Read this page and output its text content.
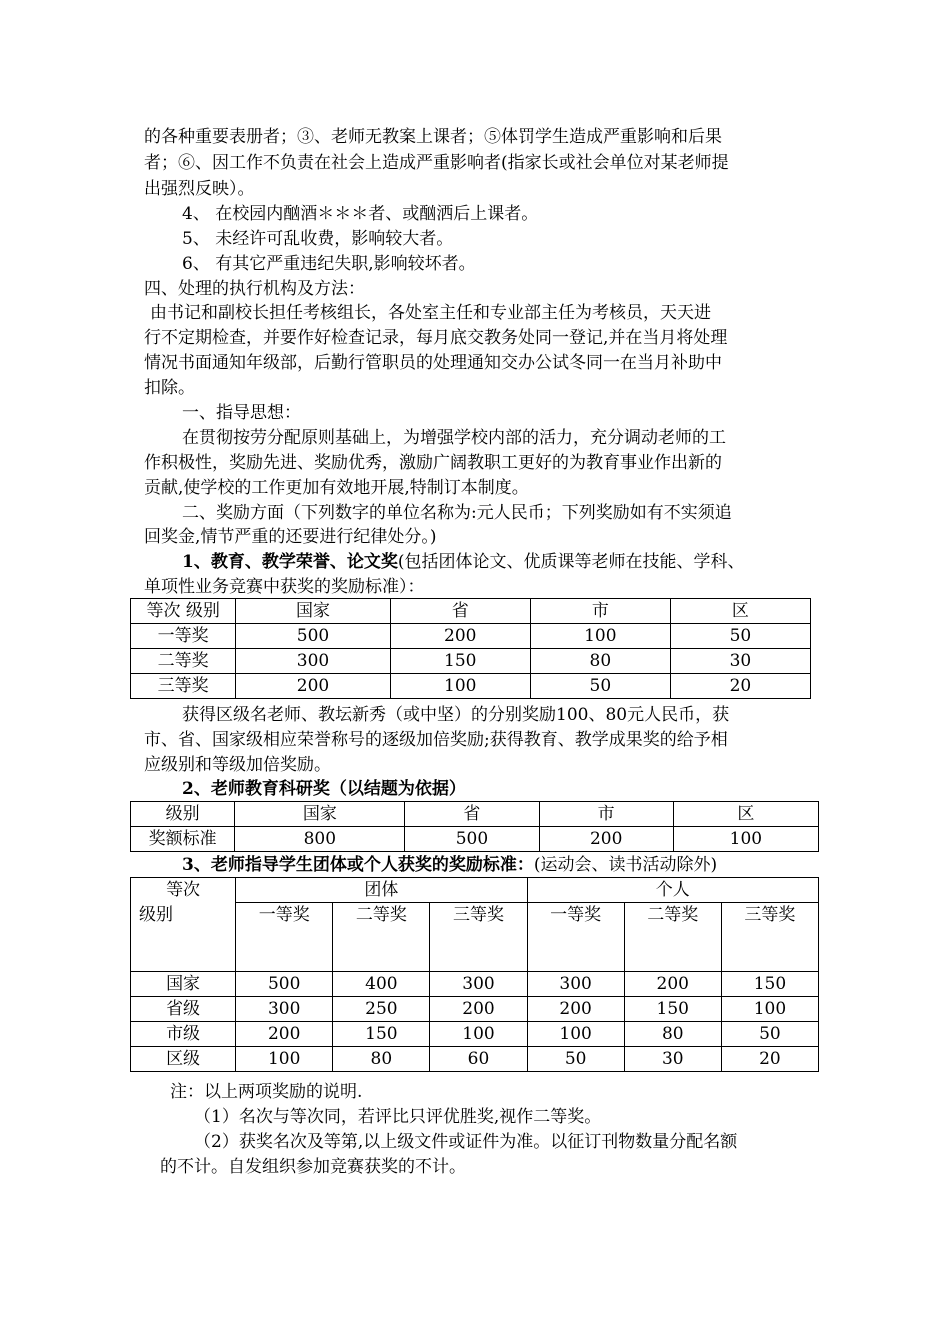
的各种重要表册者；③、老师无教案上课者；⑤体罚学生造成严重影响和后果
者；⑥、因工作不负责在社会上造成严重影响者(指家长或社会单位对某老师提
出强烈反映）。
4、 在校园内酗酒＊＊＊者、或酗洒后上课者。
5、 未经许可乱收费，影响较大者。
6、 有其它严重违纪失职,影响较坏者。
四、处理的执行机构及方法：
由书记和副校长担任考核组长，各处室主任和专业部主任为考核员，天天进
行不定期检查，并要作好检查记录，每月底交教务处同一登记,并在当月将处理
情况书面通知年级部，后勤行管职员的处理通知交办公试冬同一在当月补助中
扣除。
一、指导思想：
在贯彻按劳分配原则基础上，为增强学校内部的活力，充分调动老师的工
作积极性，奖励先进、奖励优秀，激励广阔教职工更好的为教育事业作出新的
贡献,使学校的工作更加有效地开展,特制订本制度。
二、奖励方面（下列数字的单位名称为:元人民币；下列奖励如有不实须追
回奖金,情节严重的还要进行纪律处分。)
1、教育、教学荣誉、论文奖(包括团体论文、优质课等老师在技能、学科、
单项性业务竞赛中获奖的奖励标准）：
等次 级别	国家	省	市	区
一等奖	500	200	100	50
二等奖	300	150	80	30
三等奖	200	100	50	20
获得区级名老师、教坛新秀（或中坚）的分别奖励100、80元人民币，获
市、省、国家级相应荣誉称号的逐级加倍奖励;获得教育、教学成果奖的给予相
应级别和等级加倍奖励。
2、老师教育科研奖（以结题为依据）
级别	国家	省	市	区
奖额标准	800	500	200	100
3、老师指导学生团体或个人获奖的奖励标准：(运动会、读书活动除外)
等次	团体			个人		
级别	一等奖	二等奖	三等奖	一等奖	二等奖	三等奖
国家	500	400	300	300	200	150
省级	300	250	200	200	150	100
市级	200	150	100	100	80	50
区级	100	80	60	50	30	20
注：以上两项奖励的说明.
（1）名次与等次同，若评比只评优胜奖,视作二等奖。
（2）获奖名次及等第,以上级文件或证件为准。以征订刊物数量分配名额
的不计。自发组织参加竞赛获奖的不计。
